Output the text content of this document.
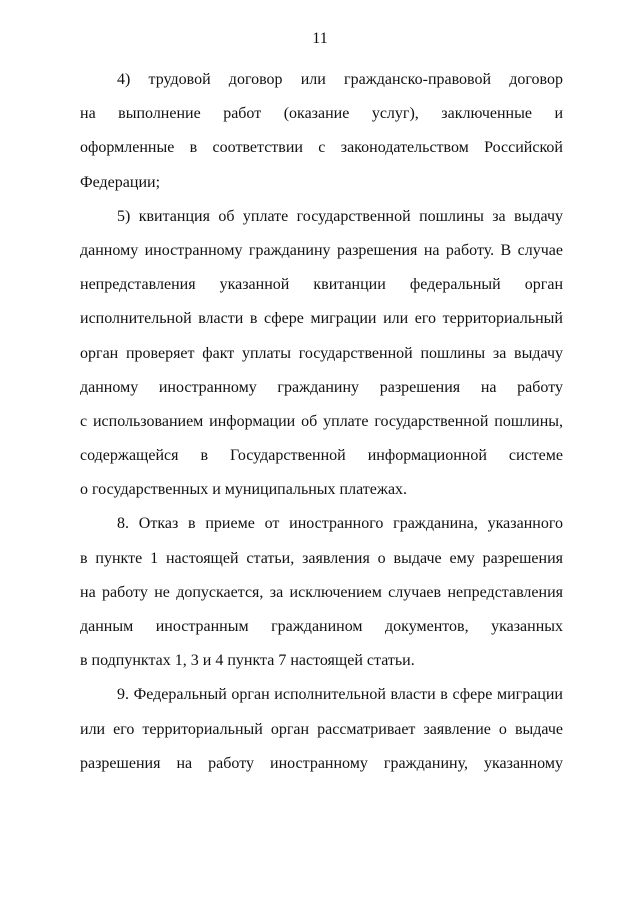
11
4) трудовой договор или гражданско-правовой договор
на выполнение работ (оказание услуг), заключенные и
оформленные в соответствии с законодательством Российской
Федерации;
5) квитанция об уплате государственной пошлины за выдачу
данному иностранному гражданину разрешения на работу. В случае
непредставления указанной квитанции федеральный орган
исполнительной власти в сфере миграции или его территориальный
орган проверяет факт уплаты государственной пошлины за выдачу
данному иностранному гражданину разрешения на работу
с использованием информации об уплате государственной пошлины,
содержащейся в Государственной информационной системе
о государственных и муниципальных платежах.
8. Отказ в приеме от иностранного гражданина, указанного
в пункте 1 настоящей статьи, заявления о выдаче ему разрешения
на работу не допускается, за исключением случаев непредставления
данным иностранным гражданином документов, указанных
в подпунктах 1, 3 и 4 пункта 7 настоящей статьи.
9. Федеральный орган исполнительной власти в сфере миграции
или его территориальный орган рассматривает заявление о выдаче
разрешения на работу иностранному гражданину, указанному
